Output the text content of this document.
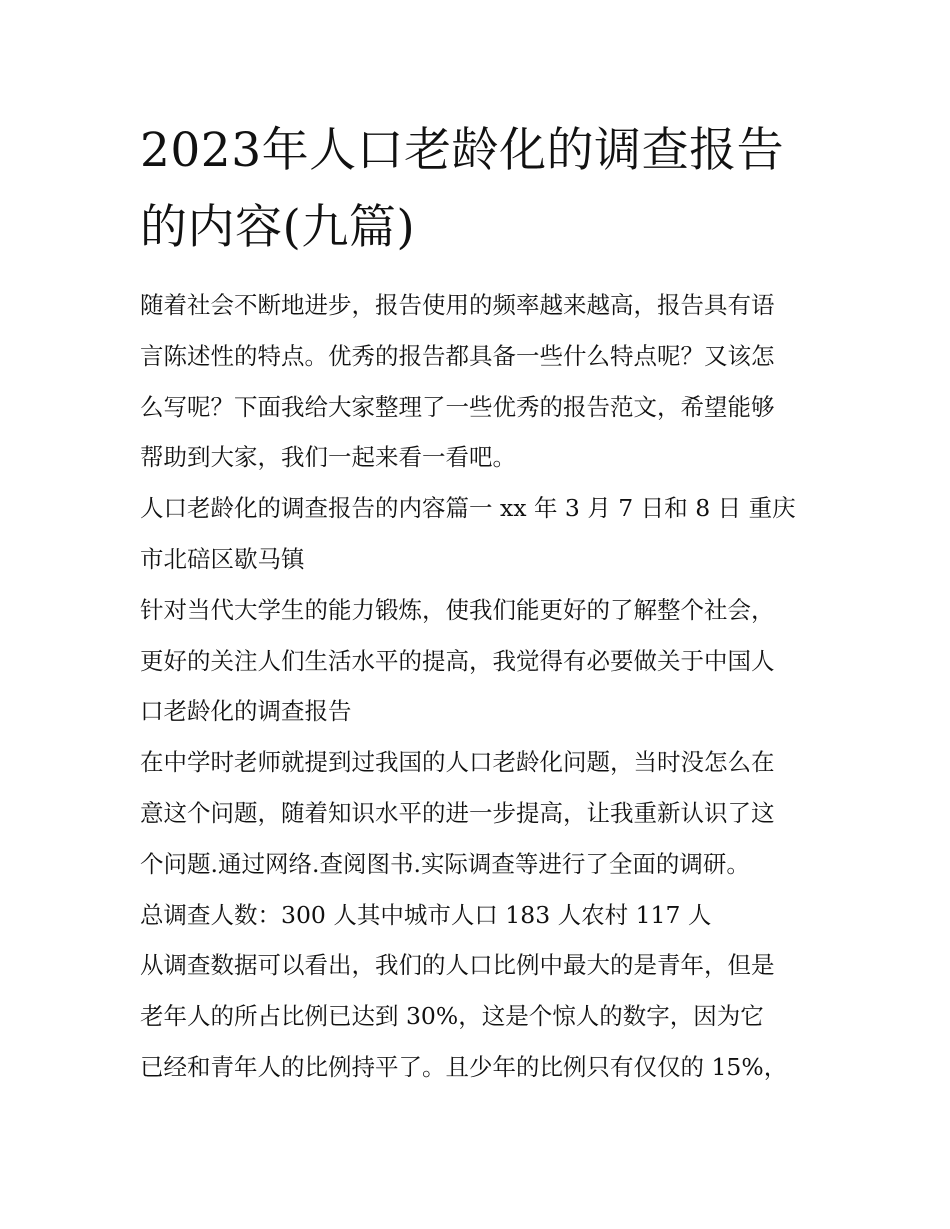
2023年人口老龄化的调查报告
的内容(九篇)
随着社会不断地进步，报告使用的频率越来越高，报告具有语
言陈述性的特点。优秀的报告都具备一些什么特点呢？又该怎
么写呢？下面我给大家整理了一些优秀的报告范文，希望能够
帮助到大家，我们一起来看一看吧。
人口老龄化的调查报告的内容篇一 xx 年 3 月 7 日和 8 日 重庆
市北碚区歇马镇
针对当代大学生的能力锻炼，使我们能更好的了解整个社会，
更好的关注人们生活水平的提高，我觉得有必要做关于中国人
口老龄化的调查报告
在中学时老师就提到过我国的人口老龄化问题，当时没怎么在
意这个问题，随着知识水平的进一步提高，让我重新认识了这
个问题.通过网络.查阅图书.实际调查等进行了全面的调研。
总调查人数：300 人其中城市人口 183 人农村 117 人
从调查数据可以看出，我们的人口比例中最大的是青年，但是
老年人的所占比例已达到 30%，这是个惊人的数字，因为它
已经和青年人的比例持平了。且少年的比例只有仅仅的 15%，
